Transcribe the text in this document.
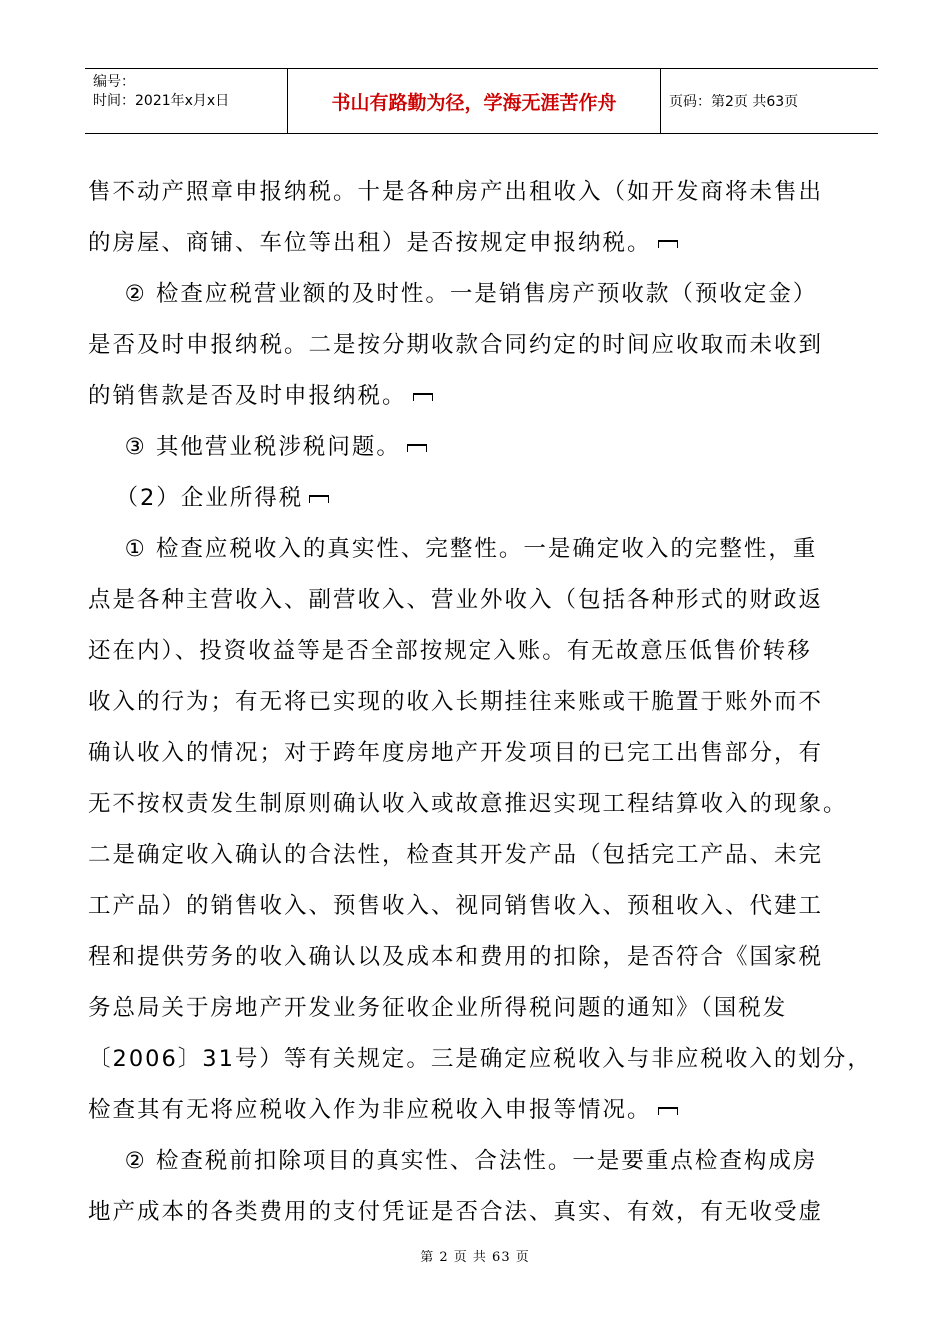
编号：
时间：2021年x月x日	书山有路勤为径，学海无涯苦作舟	页码：第2页 共63页
售不动产照章申报纳税。十是各种房产出租收入（如开发商将未售出
的房屋、商铺、车位等出租）是否按规定申报纳税。
② 检查应税营业额的及时性。一是销售房产预收款（预收定金）
是否及时申报纳税。二是按分期收款合同约定的时间应收取而未收到
的销售款是否及时申报纳税。
③ 其他营业税涉税问题。
（2）企业所得税
① 检查应税收入的真实性、完整性。一是确定收入的完整性，重
点是各种主营收入、副营收入、营业外收入（包括各种形式的财政返
还在内）、投资收益等是否全部按规定入账。有无故意压低售价转移
收入的行为；有无将已实现的收入长期挂往来账或干脆置于账外而不
确认收入的情况；对于跨年度房地产开发项目的已完工出售部分，有
无不按权责发生制原则确认收入或故意推迟实现工程结算收入的现象。
二是确定收入确认的合法性，检查其开发产品（包括完工产品、未完
工产品）的销售收入、预售收入、视同销售收入、预租收入、代建工
程和提供劳务的收入确认以及成本和费用的扣除，是否符合《国家税
务总局关于房地产开发业务征收企业所得税问题的通知》（国税发
〔2006〕31号）等有关规定。三是确定应税收入与非应税收入的划分，
检查其有无将应税收入作为非应税收入申报等情况。
② 检查税前扣除项目的真实性、合法性。一是要重点检查构成房
地产成本的各类费用的支付凭证是否合法、真实、有效，有无收受虚
第 2 页 共 63 页
